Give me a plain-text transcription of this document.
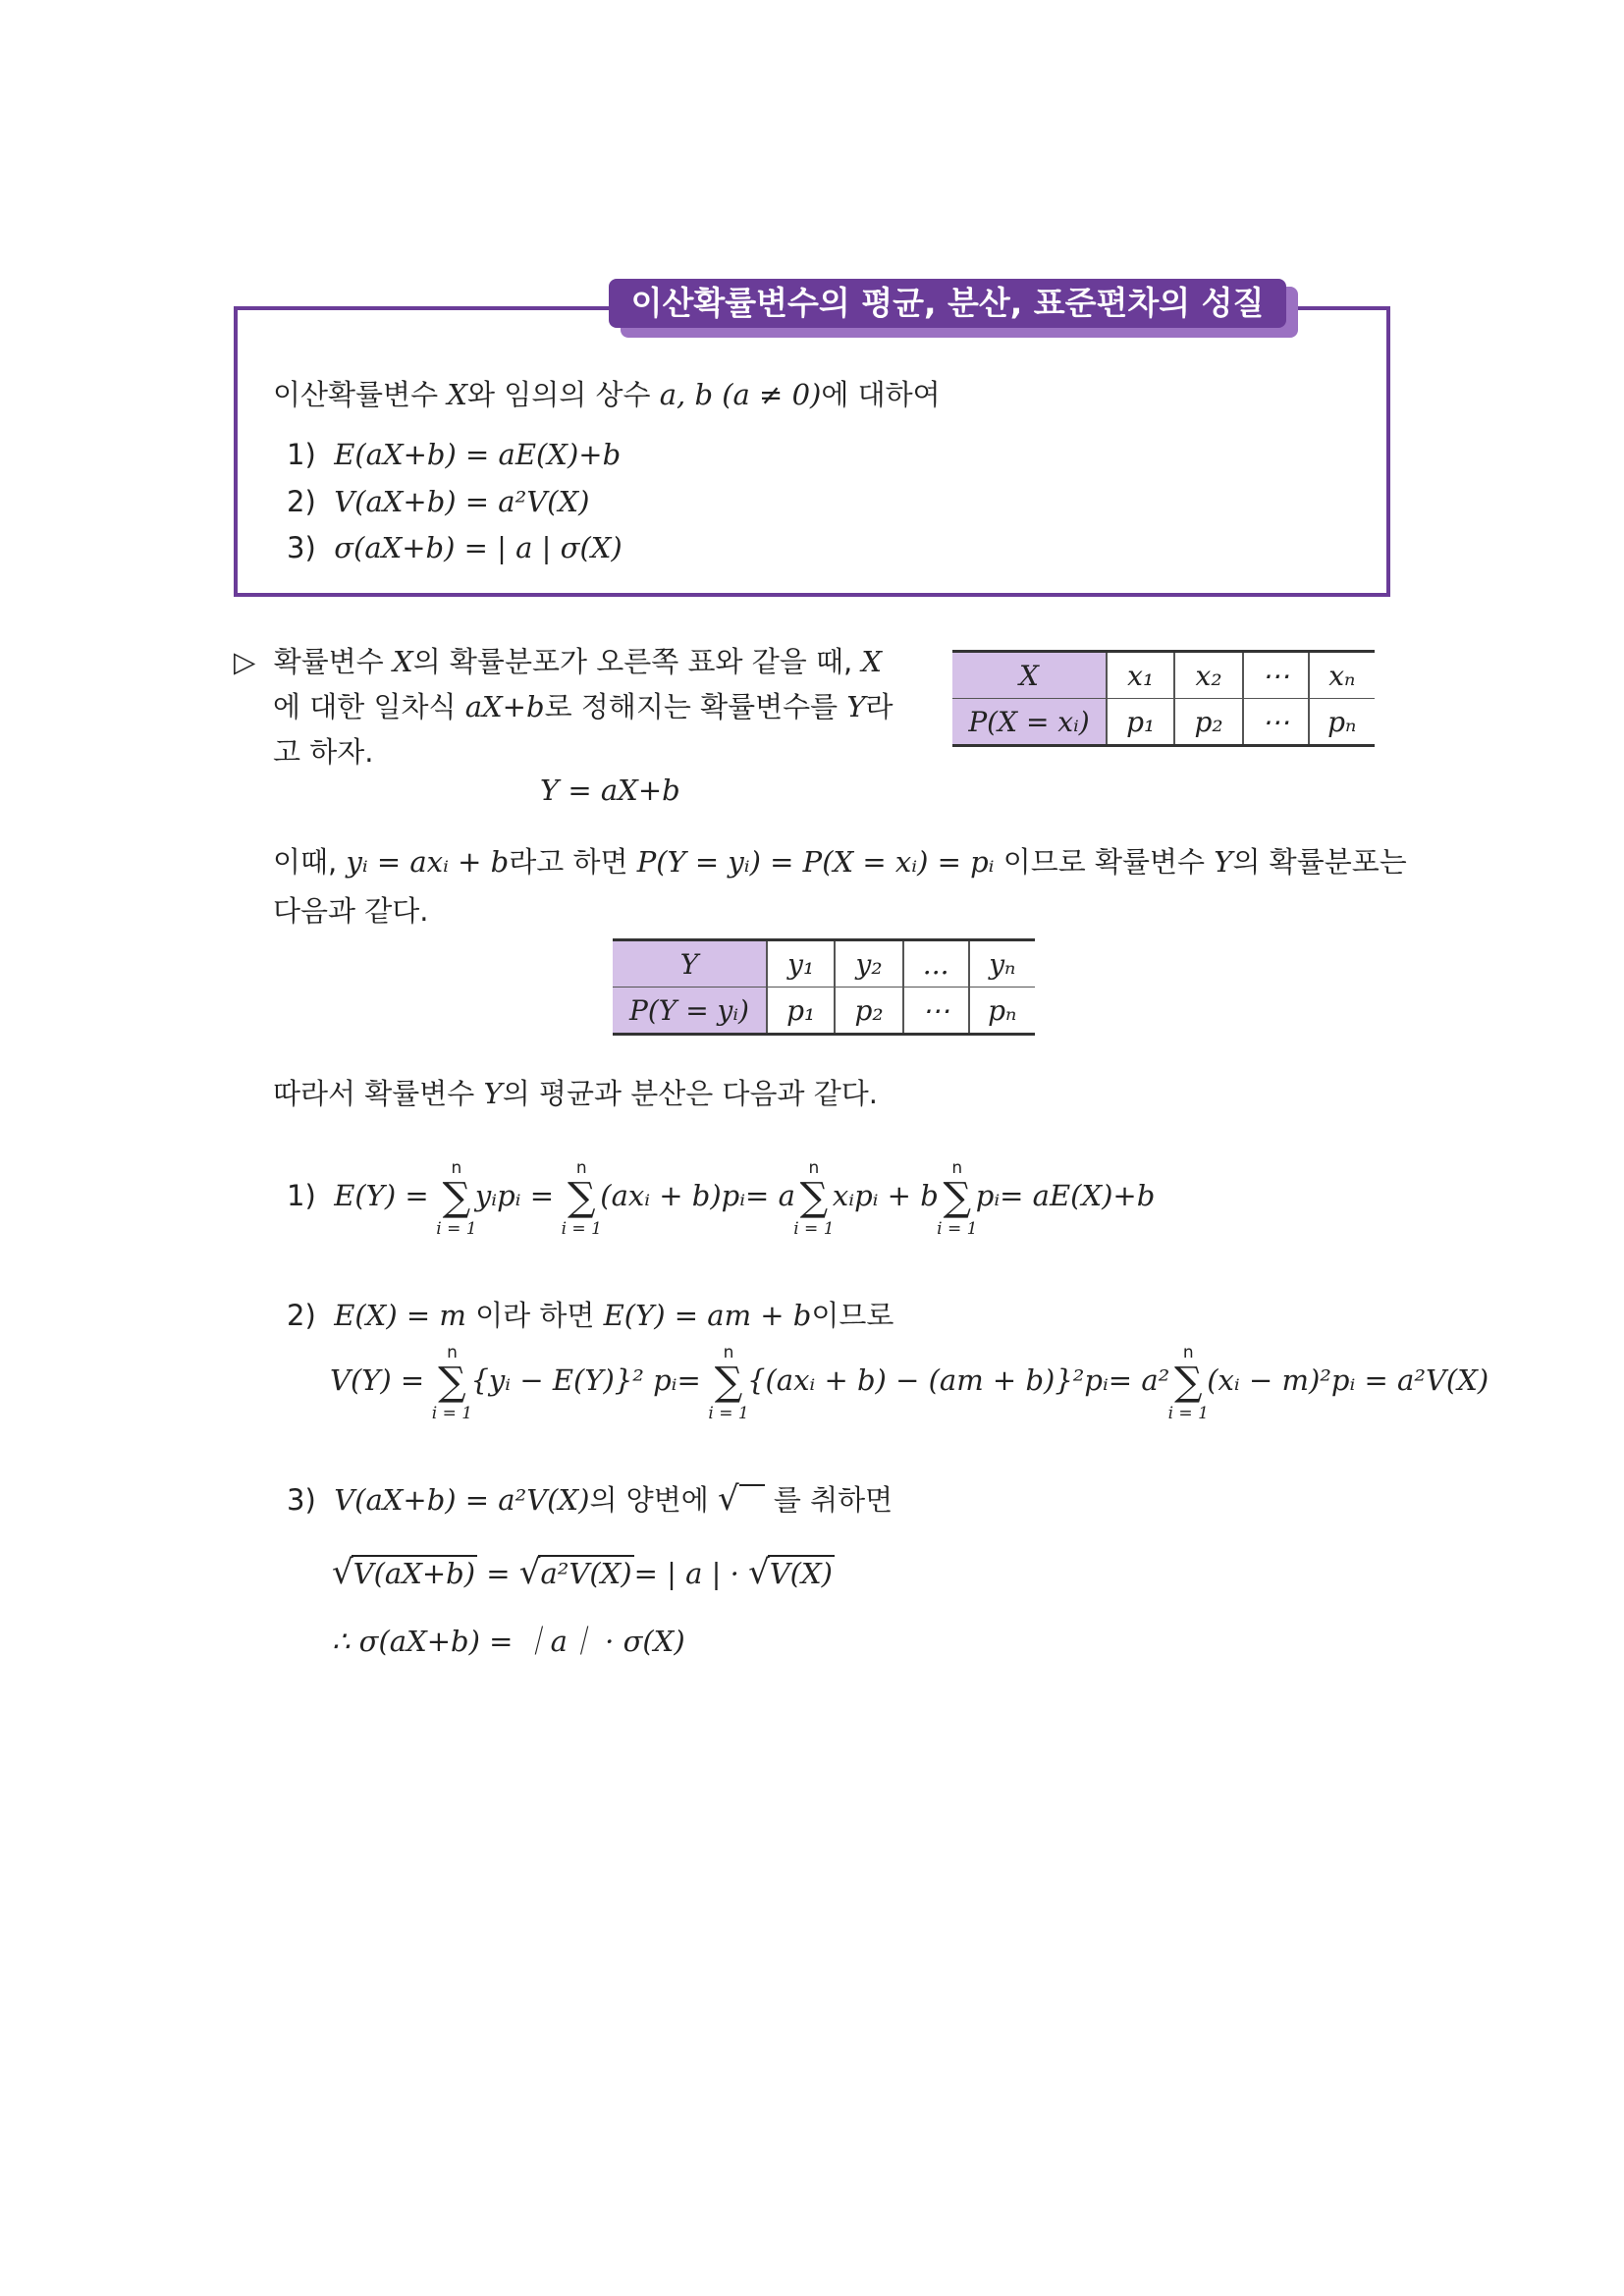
이산확률변수의 평균, 분산, 표준편차의 성질
이산확률변수 X와 임의의 상수 a, b (a ≠ 0)에 대하여
1) E(aX+b) = aE(X)+b
2) V(aX+b) = a²V(X)
3) σ(aX+b) = | a | σ(X)
▷ 확률변수 X의 확률분포가 오른쪽 표와 같을 때, X
에 대한 일차식 aX+b로 정해지는 확률변수를 Y라
고 하자.
Y = aX+b
X	x₁	x₂	⋯	xₙ
P(X = xᵢ)	p₁	p₂	⋯	pₙ
이때, yᵢ = axᵢ + b라고 하면 P(Y = yᵢ) = P(X = xᵢ) = pᵢ 이므로 확률변수 Y의 확률분포는
다음과 같다.
Y	y₁	y₂	...	yₙ
P(Y = yᵢ)	p₁	p₂	⋯	pₙ
따라서 확률변수 Y의 평균과 분산은 다음과 같다.
1) E(Y) =
n
∑
i = 1
yᵢpᵢ =
n
∑
i = 1
(axᵢ + b)pᵢ= a
n
∑
i = 1
xᵢpᵢ + b
n
∑
i = 1
pᵢ= aE(X)+b
2) E(X) = m 이라 하면 E(Y) = am + b이므로
V(Y) =
n
∑
i = 1
{yᵢ − E(Y)}² pᵢ=
n
∑
i = 1
{(axᵢ + b) − (am + b)}²pᵢ= a²
n
∑
i = 1
(xᵢ − m)²pᵢ = a²V(X)
3) V(aX+b) = a²V(X)의 양변에 √ 를 취하면
√V(aX+b) = √a²V(X)= | a | · √V(X)
∴ σ(aX+b) = ｜a｜ · σ(X)
